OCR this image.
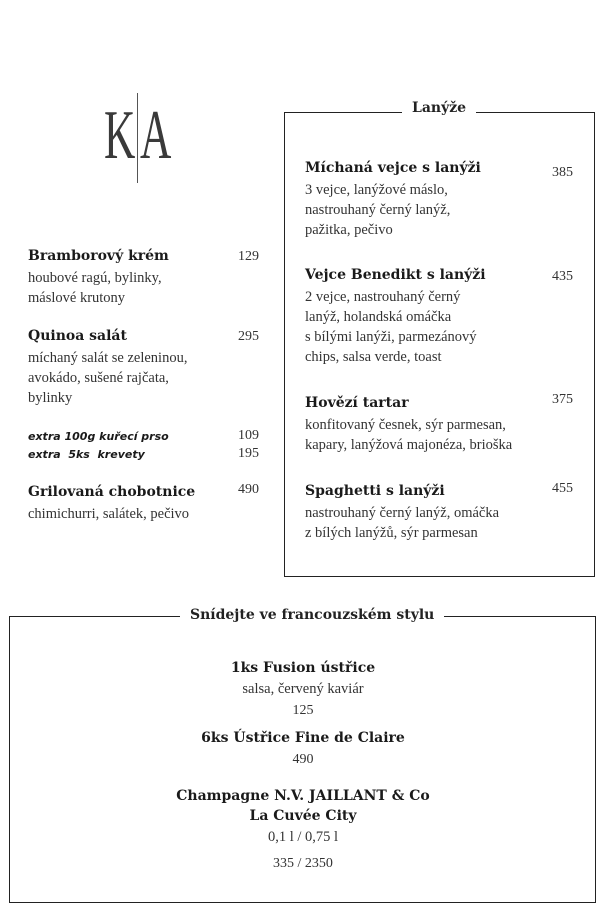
K A
Bramborový krém	129
houbové ragú, bylinky,
máslové krutony
Quinoa salát	295
míchaný salát se zeleninou,
avokádo, sušené rajčata,
bylinky
extra 100g kuřecí prso	109
extra  5ks  krevety	195
Grilovaná chobotnice	490
chimichurri, salátek, pečivo
Lanýže
Míchaná vejce s lanýži	385
3 vejce, lanýžové máslo,
nastrouhaný černý lanýž,
pažitka, pečivo
Vejce Benedikt s lanýži	435
2 vejce, nastrouhaný černý
lanýž, holandská omáčka
s bílými lanýži, parmezánový
chips, salsa verde, toast
Hovězí tartar	375
konfitovaný česnek, sýr parmesan,
kapary, lanýžová majonéza, brioška
Spaghetti s lanýži	455
nastrouhaný černý lanýž, omáčka
z bílých lanýžů, sýr parmesan
Snídejte ve francouzském stylu
1ks Fusion ústřice
salsa, červený kaviár
125
6ks Ústřice Fine de Claire
490
Champagne N.V. JAILLANT & Co
La Cuvée City
0,1 l / 0,75 l
335 / 2350
